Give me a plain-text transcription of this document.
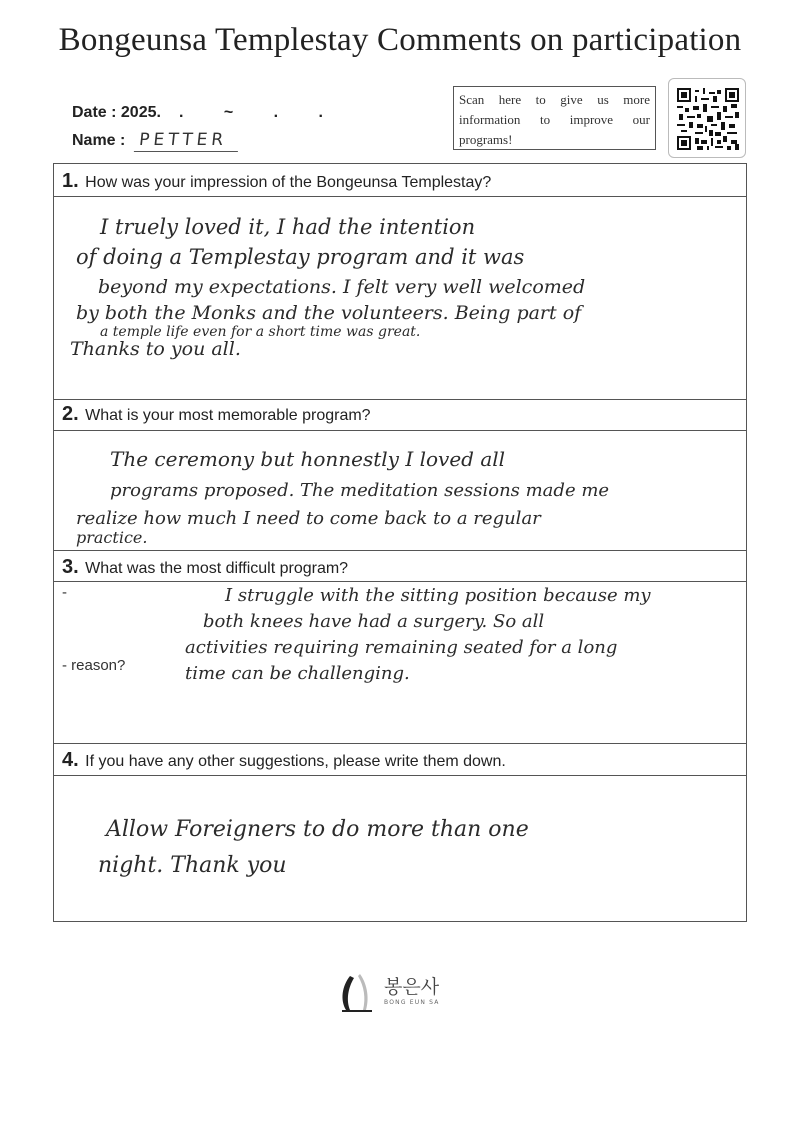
Bongeunsa Templestay Comments on participation
Date : 2025. . ~ . .
Name : PETTER
Scan here to give us more information to improve our programs!
1. How was your impression of the Bongeunsa Templestay?
I truely loved it, I had the intention
of doing a Templestay program and it was
beyond my expectations. I felt very well welcomed
by both the Monks and the volunteers. Being part of
a temple life even for a short time was great.
Thanks to you all.
2. What is your most memorable program?
The ceremony but honnestly I loved all
programs proposed. The meditation sessions made me
realize how much I need to come back to a regular
practice.
3. What was the most difficult program?
-
- reason?
I struggle with the sitting position because my
both knees have had a surgery. So all
activities requiring remaining seated for a long
time can be challenging.
4. If you have any other suggestions, please write them down.
Allow Foreigners to do more than one
night. Thank you
봉은사
BONG EUN SA
